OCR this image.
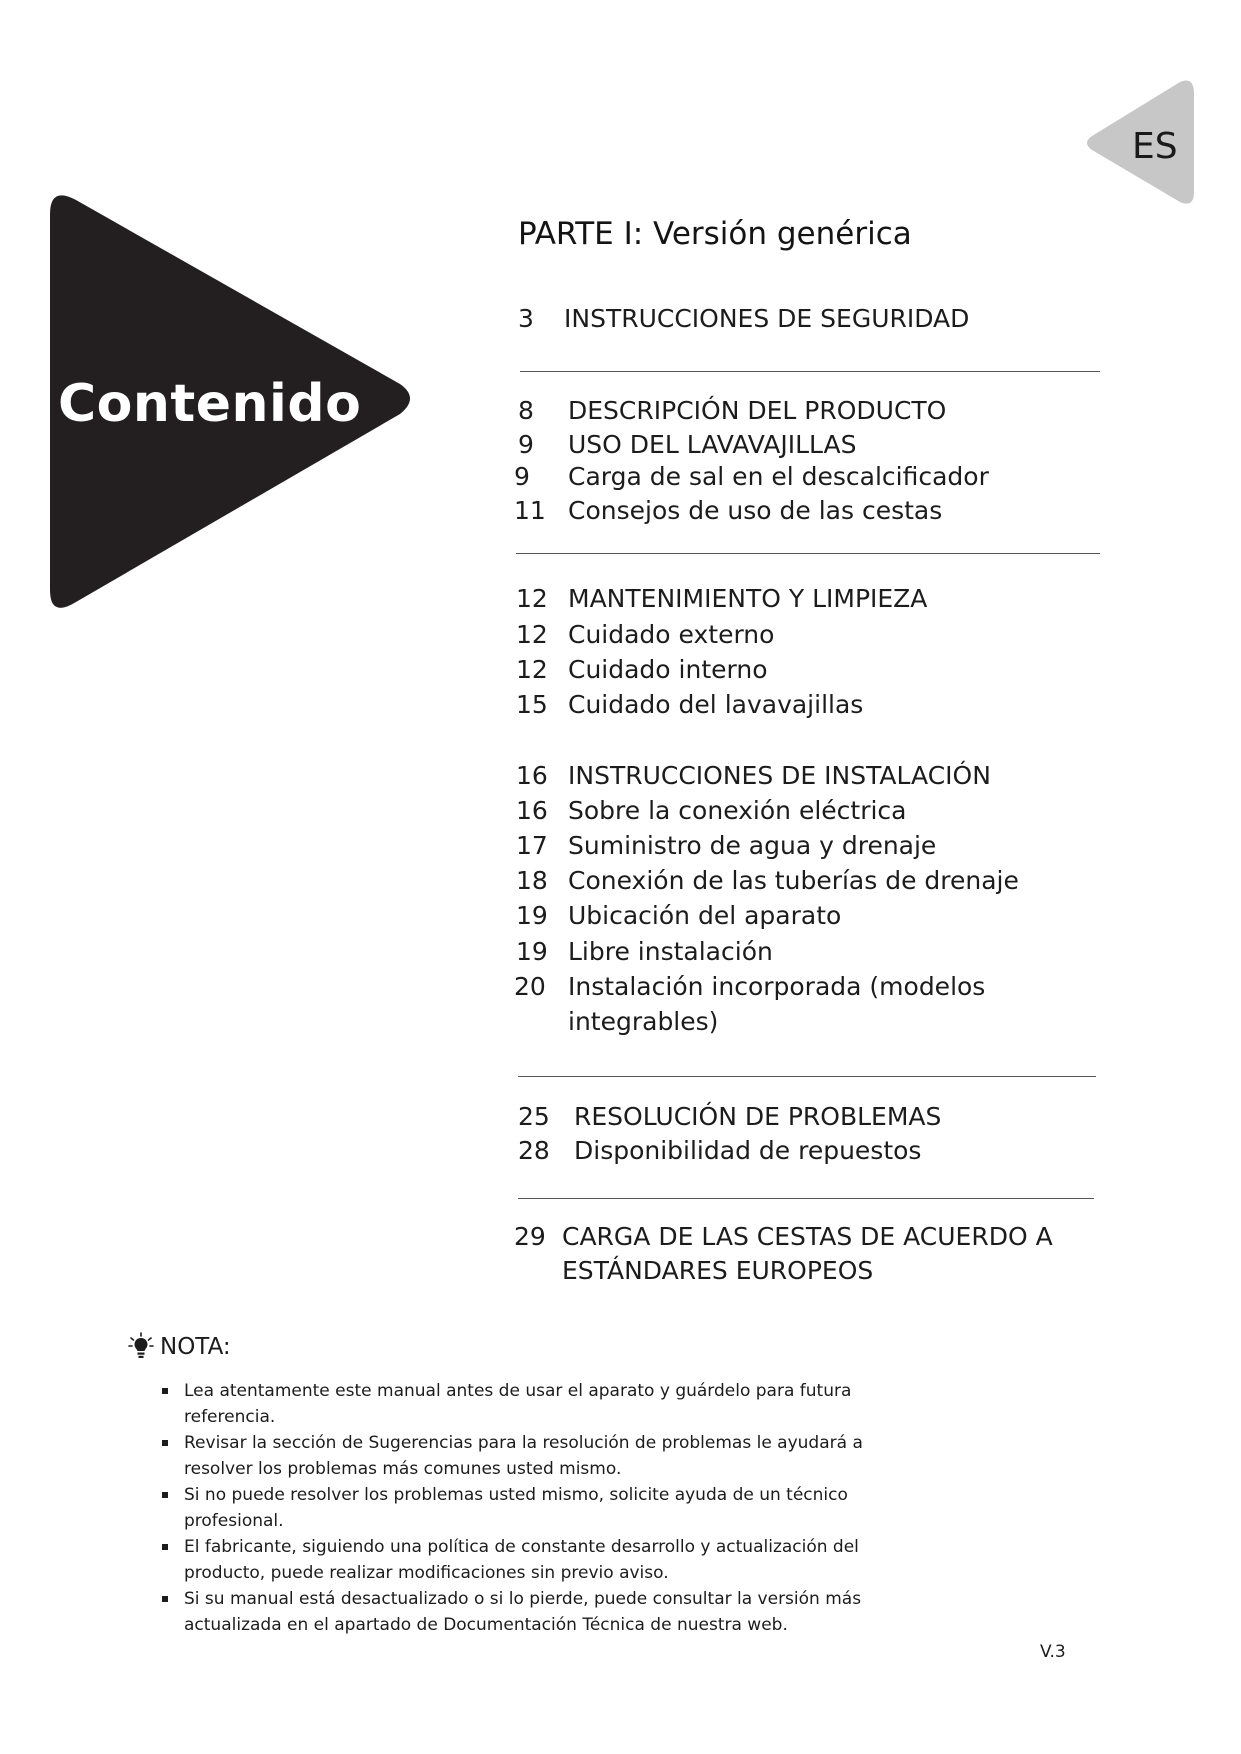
ES
Contenido
PARTE I: Versión genérica
3 INSTRUCCIONES DE SEGURIDAD
8 DESCRIPCIÓN DEL PRODUCTO
9 USO DEL LAVAVAJILLAS
9 Carga de sal en el descalcificador
11 Consejos de uso de las cestas
12 MANTENIMIENTO Y LIMPIEZA
12 Cuidado externo
12 Cuidado interno
15 Cuidado del lavavajillas
16 INSTRUCCIONES DE INSTALACIÓN
16 Sobre la conexión eléctrica
17 Suministro de agua y drenaje
18 Conexión de las tuberías de drenaje
19 Ubicación del aparato
19 Libre instalación
20 Instalación incorporada (modelos
integrables)
25 RESOLUCIÓN DE PROBLEMAS
28 Disponibilidad de repuestos
29 CARGA DE LAS CESTAS DE ACUERDO A
ESTÁNDARES EUROPEOS
NOTA:
Lea atentamente este manual antes de usar el aparato y guárdelo para futura referencia.
Revisar la sección de Sugerencias para la resolución de problemas le ayudará a resolver los problemas más comunes usted mismo.
Si no puede resolver los problemas usted mismo, solicite ayuda de un técnico profesional.
El fabricante, siguiendo una política de constante desarrollo y actualización del producto, puede realizar modificaciones sin previo aviso.
Si su manual está desactualizado o si lo pierde, puede consultar la versión más actualizada en el apartado de Documentación Técnica de nuestra web.
V.3
